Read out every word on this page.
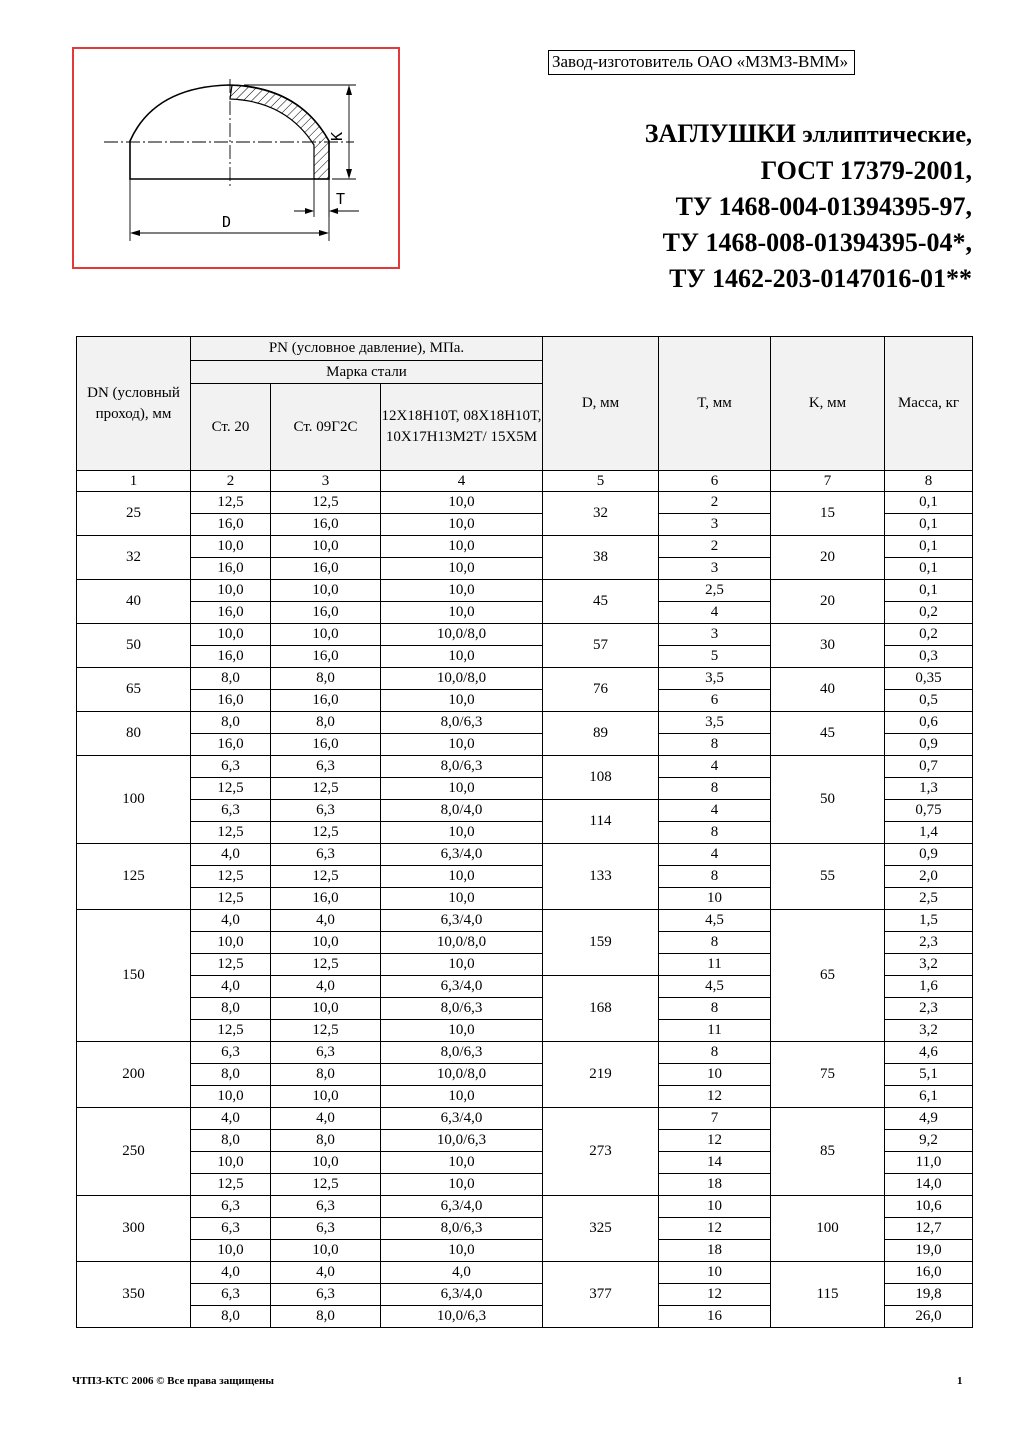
D
T
K
Завод-изготовитель ОАО «МЗМЗ-ВММ»
ЗАГЛУШКИ эллиптические,
ГОСТ 17379-2001,
ТУ 1468-004-01394395-97,
ТУ 1468-008-01394395-04*,
ТУ 1462-203-0147016-01**
DN (условный проход), мм	PN (условное давление), МПа.			D, мм	T, мм	K, мм	Масса, кг
	Марка стали						
	Ст. 20	Ст. 09Г2С	12Х18Н10Т, 08Х18Н10Т, 10Х17Н13М2Т/ 15Х5М				
1	2	3	4	5	6	7	8
25	12,5	12,5	10,0	32	2	15	0,1
	16,0	16,0	10,0		3		0,1
32	10,0	10,0	10,0	38	2	20	0,1
	16,0	16,0	10,0		3		0,1
40	10,0	10,0	10,0	45	2,5	20	0,1
	16,0	16,0	10,0		4		0,2
50	10,0	10,0	10,0/8,0	57	3	30	0,2
	16,0	16,0	10,0		5		0,3
65	8,0	8,0	10,0/8,0	76	3,5	40	0,35
	16,0	16,0	10,0		6		0,5
80	8,0	8,0	8,0/6,3	89	3,5	45	0,6
	16,0	16,0	10,0		8		0,9
100	6,3	6,3	8,0/6,3	108	4	50	0,7
	12,5	12,5	10,0		8		1,3
	6,3	6,3	8,0/4,0	114	4		0,75
	12,5	12,5	10,0		8		1,4
125	4,0	6,3	6,3/4,0	133	4	55	0,9
	12,5	12,5	10,0		8		2,0
	12,5	16,0	10,0		10		2,5
150	4,0	4,0	6,3/4,0	159	4,5	65	1,5
	10,0	10,0	10,0/8,0		8		2,3
	12,5	12,5	10,0		11		3,2
	4,0	4,0	6,3/4,0	168	4,5		1,6
	8,0	10,0	8,0/6,3		8		2,3
	12,5	12,5	10,0		11		3,2
200	6,3	6,3	8,0/6,3	219	8	75	4,6
	8,0	8,0	10,0/8,0		10		5,1
	10,0	10,0	10,0		12		6,1
250	4,0	4,0	6,3/4,0	273	7	85	4,9
	8,0	8,0	10,0/6,3		12		9,2
	10,0	10,0	10,0		14		11,0
	12,5	12,5	10,0		18		14,0
300	6,3	6,3	6,3/4,0	325	10	100	10,6
	6,3	6,3	8,0/6,3		12		12,7
	10,0	10,0	10,0		18		19,0
350	4,0	4,0	4,0	377	10	115	16,0
	6,3	6,3	6,3/4,0		12		19,8
	8,0	8,0	10,0/6,3		16		26,0
ЧТПЗ-КТС 2006 © Все права защищены	1
